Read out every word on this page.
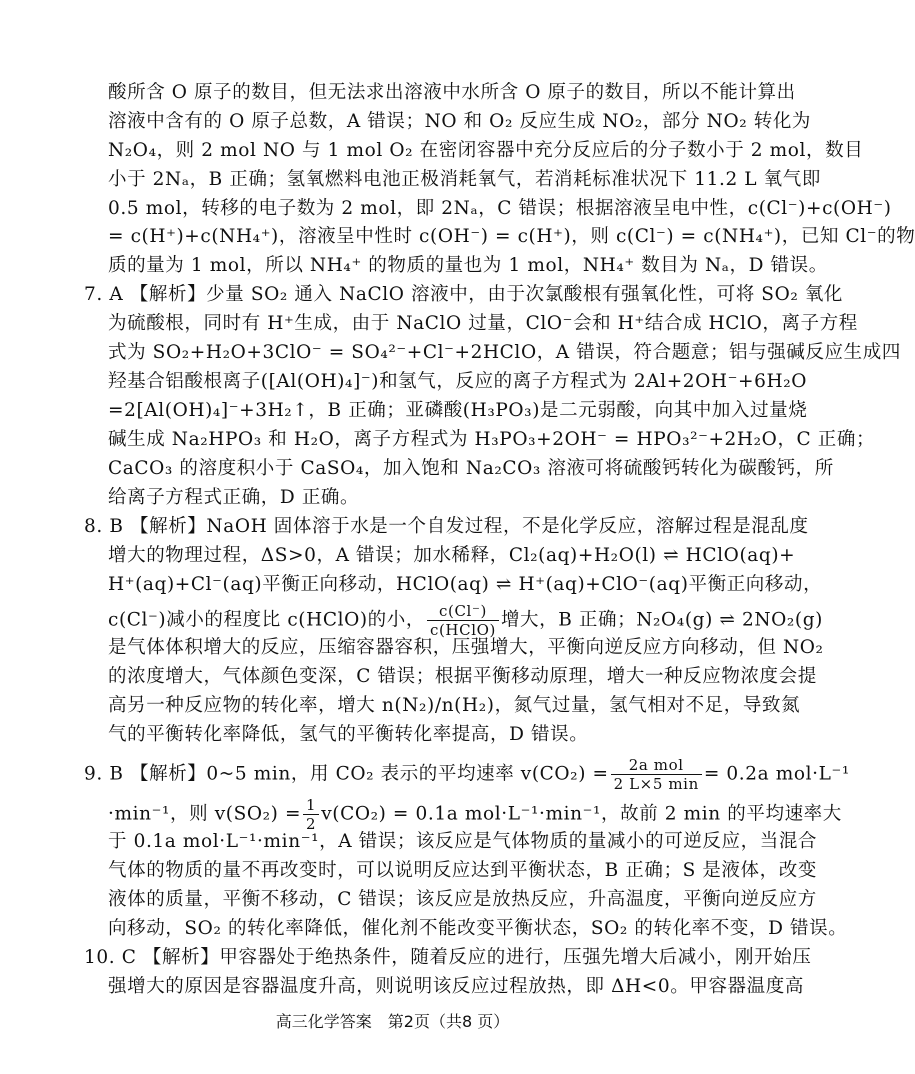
酸所含 O 原子的数目，但无法求出溶液中水所含 O 原子的数目，所以不能计算出
溶液中含有的 O 原子总数，A 错误；NO 和 O₂ 反应生成 NO₂，部分 NO₂ 转化为
N₂O₄，则 2 mol NO 与 1 mol O₂ 在密闭容器中充分反应后的分子数小于 2 mol，数目
小于 2Nₐ，B 正确；氢氧燃料电池正极消耗氧气，若消耗标准状况下 11.2 L 氧气即
0.5 mol，转移的电子数为 2 mol，即 2Nₐ，C 错误；根据溶液呈电中性，c(Cl⁻)+c(OH⁻)
= c(H⁺)+c(NH₄⁺)，溶液呈中性时 c(OH⁻) = c(H⁺)，则 c(Cl⁻) = c(NH₄⁺)，已知 Cl⁻的物
质的量为 1 mol，所以 NH₄⁺ 的物质的量也为 1 mol，NH₄⁺ 数目为 Nₐ，D 错误。
7. A 【解析】少量 SO₂ 通入 NaClO 溶液中，由于次氯酸根有强氧化性，可将 SO₂ 氧化
为硫酸根，同时有 H⁺生成，由于 NaClO 过量，ClO⁻会和 H⁺结合成 HClO，离子方程
式为 SO₂+H₂O+3ClO⁻ = SO₄²⁻+Cl⁻+2HClO，A 错误，符合题意；铝与强碱反应生成四
羟基合铝酸根离子([Al(OH)₄]⁻)和氢气，反应的离子方程式为 2Al+2OH⁻+6H₂O
=2[Al(OH)₄]⁻+3H₂↑，B 正确；亚磷酸(H₃PO₃)是二元弱酸，向其中加入过量烧
碱生成 Na₂HPO₃ 和 H₂O，离子方程式为 H₃PO₃+2OH⁻ = HPO₃²⁻+2H₂O，C 正确；
CaCO₃ 的溶度积小于 CaSO₄，加入饱和 Na₂CO₃ 溶液可将硫酸钙转化为碳酸钙，所
给离子方程式正确，D 正确。
8. B 【解析】NaOH 固体溶于水是一个自发过程，不是化学反应，溶解过程是混乱度
增大的物理过程，ΔS>0，A 错误；加水稀释，Cl₂(aq)+H₂O(l) ⇌ HClO(aq)+
H⁺(aq)+Cl⁻(aq)平衡正向移动，HClO(aq) ⇌ H⁺(aq)+ClO⁻(aq)平衡正向移动，
c(Cl⁻)减小的程度比 c(HClO)的小， $\frac{c(Cl^-)}{\text{c(HClO)}}$ 增大，B 正确；N₂O₄(g) ⇌ 2NO₂(g)
是气体体积增大的反应，压缩容器容积，压强增大，平衡向逆反应方向移动，但 NO₂
的浓度增大，气体颜色变深，C 错误；根据平衡移动原理，增大一种反应物浓度会提
高另一种反应物的转化率，增大 n(N₂)/n(H₂)，氮气过量，氢气相对不足，导致氮
气的平衡转化率降低，氢气的平衡转化率提高，D 错误。
9. B 【解析】0~5 min，用 CO₂ 表示的平均速率 $v(CO_2) = \frac{\text{2a mol}}{2 L\times 5 \min} = 0.2a$ mol·L⁻¹
·min⁻¹，则 $v(SO_2) = \frac{1}{2} v(CO_2) = 0.1a$ mol·L⁻¹·min⁻¹，故前 2 min 的平均速率大
于 0.1a mol·L⁻¹·min⁻¹，A 错误；该反应是气体物质的量减小的可逆反应，当混合
气体的物质的量不再改变时，可以说明反应达到平衡状态，B 正确；S 是液体，改变
液体的质量，平衡不移动，C 错误；该反应是放热反应，升高温度，平衡向逆反应方
向移动，SO₂ 的转化率降低，催化剂不能改变平衡状态，SO₂ 的转化率不变，D 错误。
10. C 【解析】甲容器处于绝热条件，随着反应的进行，压强先增大后减小，刚开始压
强增大的原因是容器温度升高，则说明该反应过程放热，即 ΔH<0。甲容器温度高
高三化学答案　第2页（共8 页）
